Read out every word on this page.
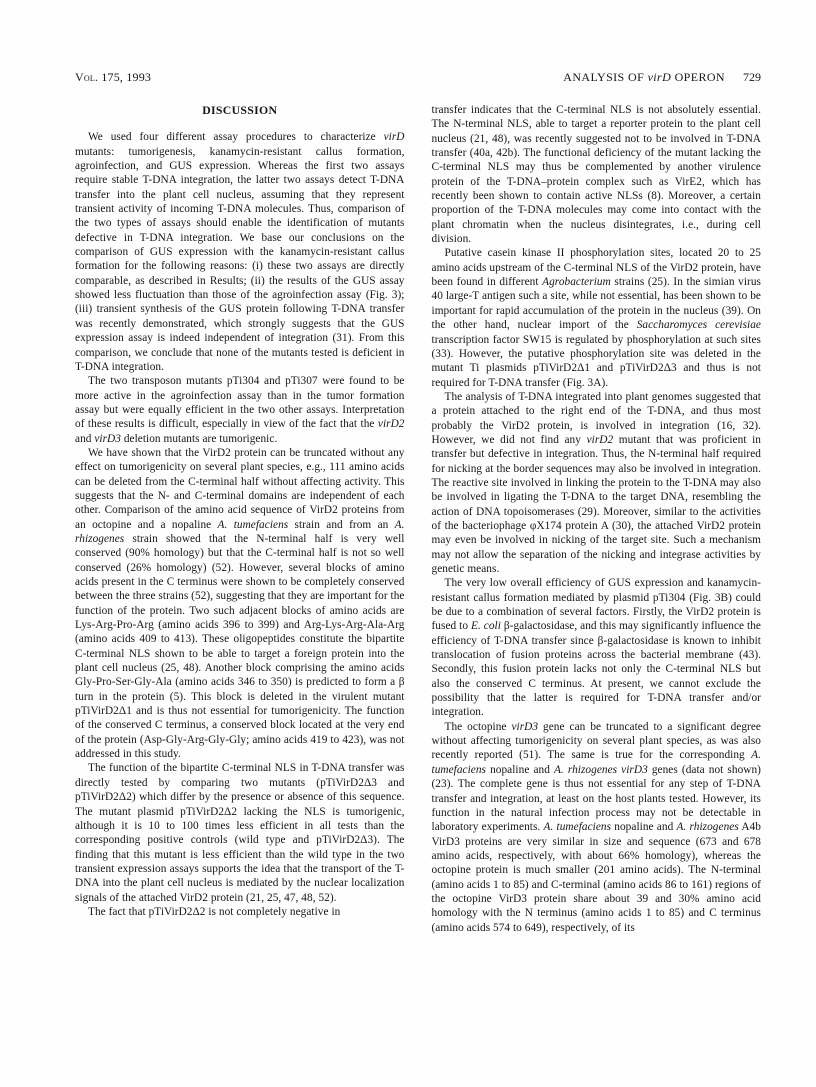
Vol. 175, 1993	ANALYSIS OF virD OPERON 729
DISCUSSION

We used four different assay procedures to characterize virD mutants: tumorigenesis, kanamycin-resistant callus formation, agroinfection, and GUS expression. Whereas the first two assays require stable T-DNA integration, the latter two assays detect T-DNA transfer into the plant cell nucleus, assuming that they represent transient activity of incoming T-DNA molecules. Thus, comparison of the two types of assays should enable the identification of mutants defective in T-DNA integration. We base our conclusions on the comparison of GUS expression with the kanamycin-resistant callus formation for the following reasons: (i) these two assays are directly comparable, as described in Results; (ii) the results of the GUS assay showed less fluctuation than those of the agroinfection assay (Fig. 3); (iii) transient synthesis of the GUS protein following T-DNA transfer was recently demonstrated, which strongly suggests that the GUS expression assay is indeed independent of integration (31). From this comparison, we conclude that none of the mutants tested is deficient in T-DNA integration.

The two transposon mutants pTi304 and pTi307 were found to be more active in the agroinfection assay than in the tumor formation assay but were equally efficient in the two other assays. Interpretation of these results is difficult, especially in view of the fact that the virD2 and virD3 deletion mutants are tumorigenic.

We have shown that the VirD2 protein can be truncated without any effect on tumorigenicity on several plant species, e.g., 111 amino acids can be deleted from the C-terminal half without affecting activity. This suggests that the N- and C-terminal domains are independent of each other. Comparison of the amino acid sequence of VirD2 proteins from an octopine and a nopaline A. tumefaciens strain and from an A. rhizogenes strain showed that the N-terminal half is very well conserved (90% homology) but that the C-terminal half is not so well conserved (26% homology) (52). However, several blocks of amino acids present in the C terminus were shown to be completely conserved between the three strains (52), suggesting that they are important for the function of the protein. Two such adjacent blocks of amino acids are Lys-Arg-Pro-Arg (amino acids 396 to 399) and Arg-Lys-Arg-Ala-Arg (amino acids 409 to 413). These oligopeptides constitute the bipartite C-terminal NLS shown to be able to target a foreign protein into the plant cell nucleus (25, 48). Another block comprising the amino acids Gly-Pro-Ser-Gly-Ala (amino acids 346 to 350) is predicted to form a β turn in the protein (5). This block is deleted in the virulent mutant pTiVirD2Δ1 and is thus not essential for tumorigenicity. The function of the conserved C terminus, a conserved block located at the very end of the protein (Asp-Gly-Arg-Gly-Gly; amino acids 419 to 423), was not addressed in this study.

The function of the bipartite C-terminal NLS in T-DNA transfer was directly tested by comparing two mutants (pTiVirD2Δ3 and pTiVirD2Δ2) which differ by the presence or absence of this sequence. The mutant plasmid pTiVirD2Δ2 lacking the NLS is tumorigenic, although it is 10 to 100 times less efficient in all tests than the corresponding positive controls (wild type and pTiVirD2Δ3). The finding that this mutant is less efficient than the wild type in the two transient expression assays supports the idea that the transport of the T-DNA into the plant cell nucleus is mediated by the nuclear localization signals of the attached VirD2 protein (21, 25, 47, 48, 52).

The fact that pTiVirD2Δ2 is not completely negative in

transfer indicates that the C-terminal NLS is not absolutely essential. The N-terminal NLS, able to target a reporter protein to the plant cell nucleus (21, 48), was recently suggested not to be involved in T-DNA transfer (40a, 42b). The functional deficiency of the mutant lacking the C-terminal NLS may thus be complemented by another virulence protein of the T-DNA–protein complex such as VirE2, which has recently been shown to contain active NLSs (8). Moreover, a certain proportion of the T-DNA molecules may come into contact with the plant chromatin when the nucleus disintegrates, i.e., during cell division.

Putative casein kinase II phosphorylation sites, located 20 to 25 amino acids upstream of the C-terminal NLS of the VirD2 protein, have been found in different Agrobacterium strains (25). In the simian virus 40 large-T antigen such a site, while not essential, has been shown to be important for rapid accumulation of the protein in the nucleus (39). On the other hand, nuclear import of the Saccharomyces cerevisiae transcription factor SW15 is regulated by phosphorylation at such sites (33). However, the putative phosphorylation site was deleted in the mutant Ti plasmids pTiVirD2Δ1 and pTiVirD2Δ3 and thus is not required for T-DNA transfer (Fig. 3A).

The analysis of T-DNA integrated into plant genomes suggested that a protein attached to the right end of the T-DNA, and thus most probably the VirD2 protein, is involved in integration (16, 32). However, we did not find any virD2 mutant that was proficient in transfer but defective in integration. Thus, the N-terminal half required for nicking at the border sequences may also be involved in integration. The reactive site involved in linking the protein to the T-DNA may also be involved in ligating the T-DNA to the target DNA, resembling the action of DNA topoisomerases (29). Moreover, similar to the activities of the bacteriophage φX174 protein A (30), the attached VirD2 protein may even be involved in nicking of the target site. Such a mechanism may not allow the separation of the nicking and integrase activities by genetic means.

The very low overall efficiency of GUS expression and kanamycin-resistant callus formation mediated by plasmid pTi304 (Fig. 3B) could be due to a combination of several factors. Firstly, the VirD2 protein is fused to E. coli β-galactosidase, and this may significantly influence the efficiency of T-DNA transfer since β-galactosidase is known to inhibit translocation of fusion proteins across the bacterial membrane (43). Secondly, this fusion protein lacks not only the C-terminal NLS but also the conserved C terminus. At present, we cannot exclude the possibility that the latter is required for T-DNA transfer and/or integration.

The octopine virD3 gene can be truncated to a significant degree without affecting tumorigenicity on several plant species, as was also recently reported (51). The same is true for the corresponding A. tumefaciens nopaline and A. rhizogenes virD3 genes (data not shown) (23). The complete gene is thus not essential for any step of T-DNA transfer and integration, at least on the host plants tested. However, its function in the natural infection process may not be detectable in laboratory experiments. A. tumefaciens nopaline and A. rhizogenes A4b VirD3 proteins are very similar in size and sequence (673 and 678 amino acids, respectively, with about 66% homology), whereas the octopine protein is much smaller (201 amino acids). The N-terminal (amino acids 1 to 85) and C-terminal (amino acids 86 to 161) regions of the octopine VirD3 protein share about 39 and 30% amino acid homology with the N terminus (amino acids 1 to 85) and C terminus (amino acids 574 to 649), respectively, of its
